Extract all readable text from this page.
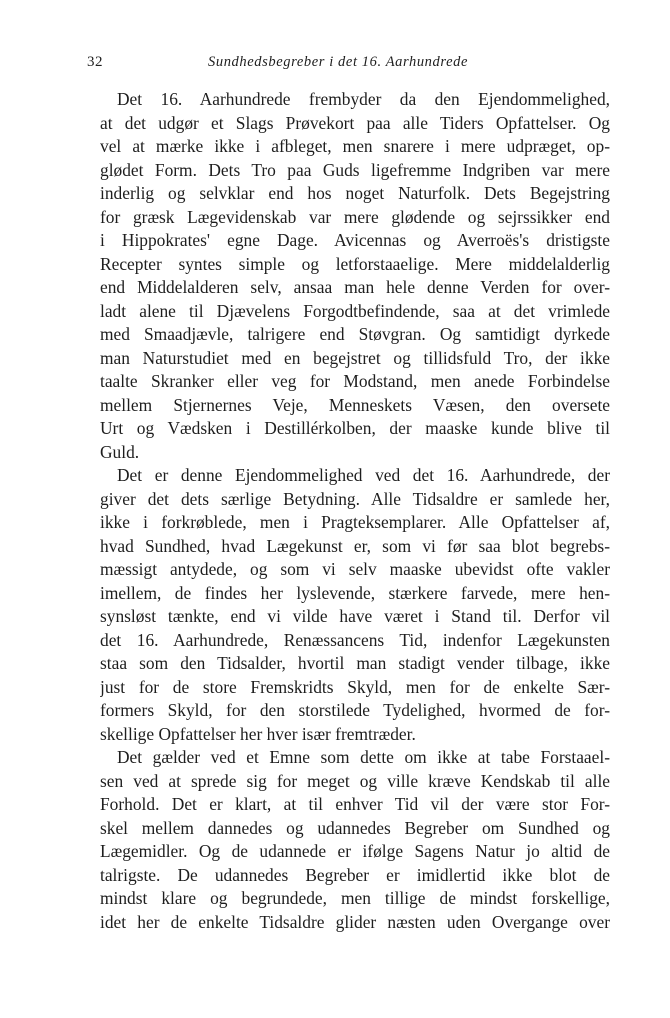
32	Sundhedsbegreber i det 16. Aarhundrede
Det 16. Aarhundrede frembyder da den Ejendommelighed,
at det udgør et Slags Prøvekort paa alle Tiders Opfattelser. Og
vel at mærke ikke i afbleget, men snarere i mere udpræget, op-
glødet Form. Dets Tro paa Guds ligefremme Indgriben var mere
inderlig og selvklar end hos noget Naturfolk. Dets Begejstring
for græsk Lægevidenskab var mere glødende og sejrssikker end
i Hippokrates' egne Dage. Avicennas og Averroës's dristigste
Recepter syntes simple og letforstaaelige. Mere middelalderlig
end Middelalderen selv, ansaa man hele denne Verden for over-
ladt alene til Djævelens Forgodtbefindende, saa at det vrimlede
med Smaadjævle, talrigere end Støvgran. Og samtidigt dyrkede
man Naturstudiet med en begejstret og tillidsfuld Tro, der ikke
taalte Skranker eller veg for Modstand, men anede Forbindelse
mellem Stjernernes Veje, Menneskets Væsen, den oversete
Urt og Vædsken i Destillérkolben, der maaske kunde blive til
Guld.
Det er denne Ejendommelighed ved det 16. Aarhundrede, der
giver det dets særlige Betydning. Alle Tidsaldre er samlede her,
ikke i forkrøblede, men i Pragteksemplarer. Alle Opfattelser af,
hvad Sundhed, hvad Lægekunst er, som vi før saa blot begrebs-
mæssigt antydede, og som vi selv maaske ubevidst ofte vakler
imellem, de findes her lyslevende, stærkere farvede, mere hen-
synsløst tænkte, end vi vilde have været i Stand til. Derfor vil
det 16. Aarhundrede, Renæssancens Tid, indenfor Lægekunsten
staa som den Tidsalder, hvortil man stadigt vender tilbage, ikke
just for de store Fremskridts Skyld, men for de enkelte Sær-
formers Skyld, for den storstilede Tydelighed, hvormed de for-
skellige Opfattelser her hver især fremtræder.
Det gælder ved et Emne som dette om ikke at tabe Forstaael-
sen ved at sprede sig for meget og ville kræve Kendskab til alle
Forhold. Det er klart, at til enhver Tid vil der være stor For-
skel mellem dannedes og udannedes Begreber om Sundhed og
Lægemidler. Og de udannede er ifølge Sagens Natur jo altid de
talrigste. De udannedes Begreber er imidlertid ikke blot de
mindst klare og begrundede, men tillige de mindst forskellige,
idet her de enkelte Tidsaldre glider næsten uden Overgange over
